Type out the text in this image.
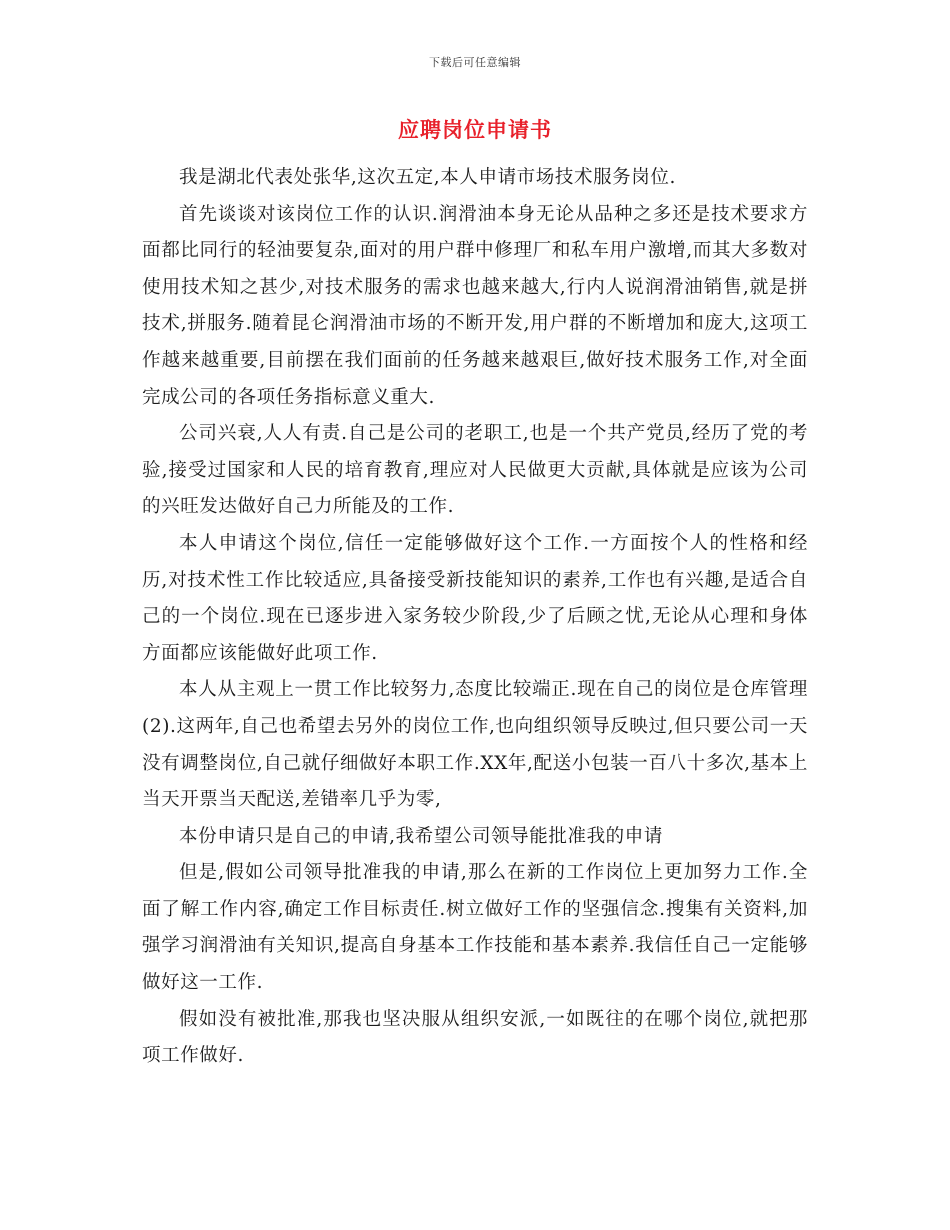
下载后可任意编辑
应聘岗位申请书

我是湖北代表处张华,这次五定,本人申请市场技术服务岗位.

首先谈谈对该岗位工作的认识.润滑油本身无论从品种之多还是技术要求方面都比同行的轻油要复杂,面对的用户群中修理厂和私车用户激增,而其大多数对使用技术知之甚少,对技术服务的需求也越来越大,行内人说润滑油销售,就是拼技术,拼服务.随着昆仑润滑油市场的不断开发,用户群的不断增加和庞大,这项工作越来越重要,目前摆在我们面前的任务越来越艰巨,做好技术服务工作,对全面完成公司的各项任务指标意义重大.

公司兴衰,人人有责.自己是公司的老职工,也是一个共产党员,经历了党的考验,接受过国家和人民的培育教育,理应对人民做更大贡献,具体就是应该为公司的兴旺发达做好自己力所能及的工作.

本人申请这个岗位,信任一定能够做好这个工作.一方面按个人的性格和经历,对技术性工作比较适应,具备接受新技能知识的素养,工作也有兴趣,是适合自己的一个岗位.现在已逐步进入家务较少阶段,少了后顾之忧,无论从心理和身体方面都应该能做好此项工作.

本人从主观上一贯工作比较努力,态度比较端正.现在自己的岗位是仓库管理(2).这两年,自己也希望去另外的岗位工作,也向组织领导反映过,但只要公司一天没有调整岗位,自己就仔细做好本职工作.XX年,配送小包装一百八十多次,基本上当天开票当天配送,差错率几乎为零,

本份申请只是自己的申请,我希望公司领导能批准我的申请

但是,假如公司领导批准我的申请,那么在新的工作岗位上更加努力工作.全面了解工作内容,确定工作目标责任.树立做好工作的坚强信念.搜集有关资料,加强学习润滑油有关知识,提高自身基本工作技能和基本素养.我信任自己一定能够做好这一工作.

假如没有被批准,那我也坚决服从组织安派,一如既往的在哪个岗位,就把那项工作做好.
